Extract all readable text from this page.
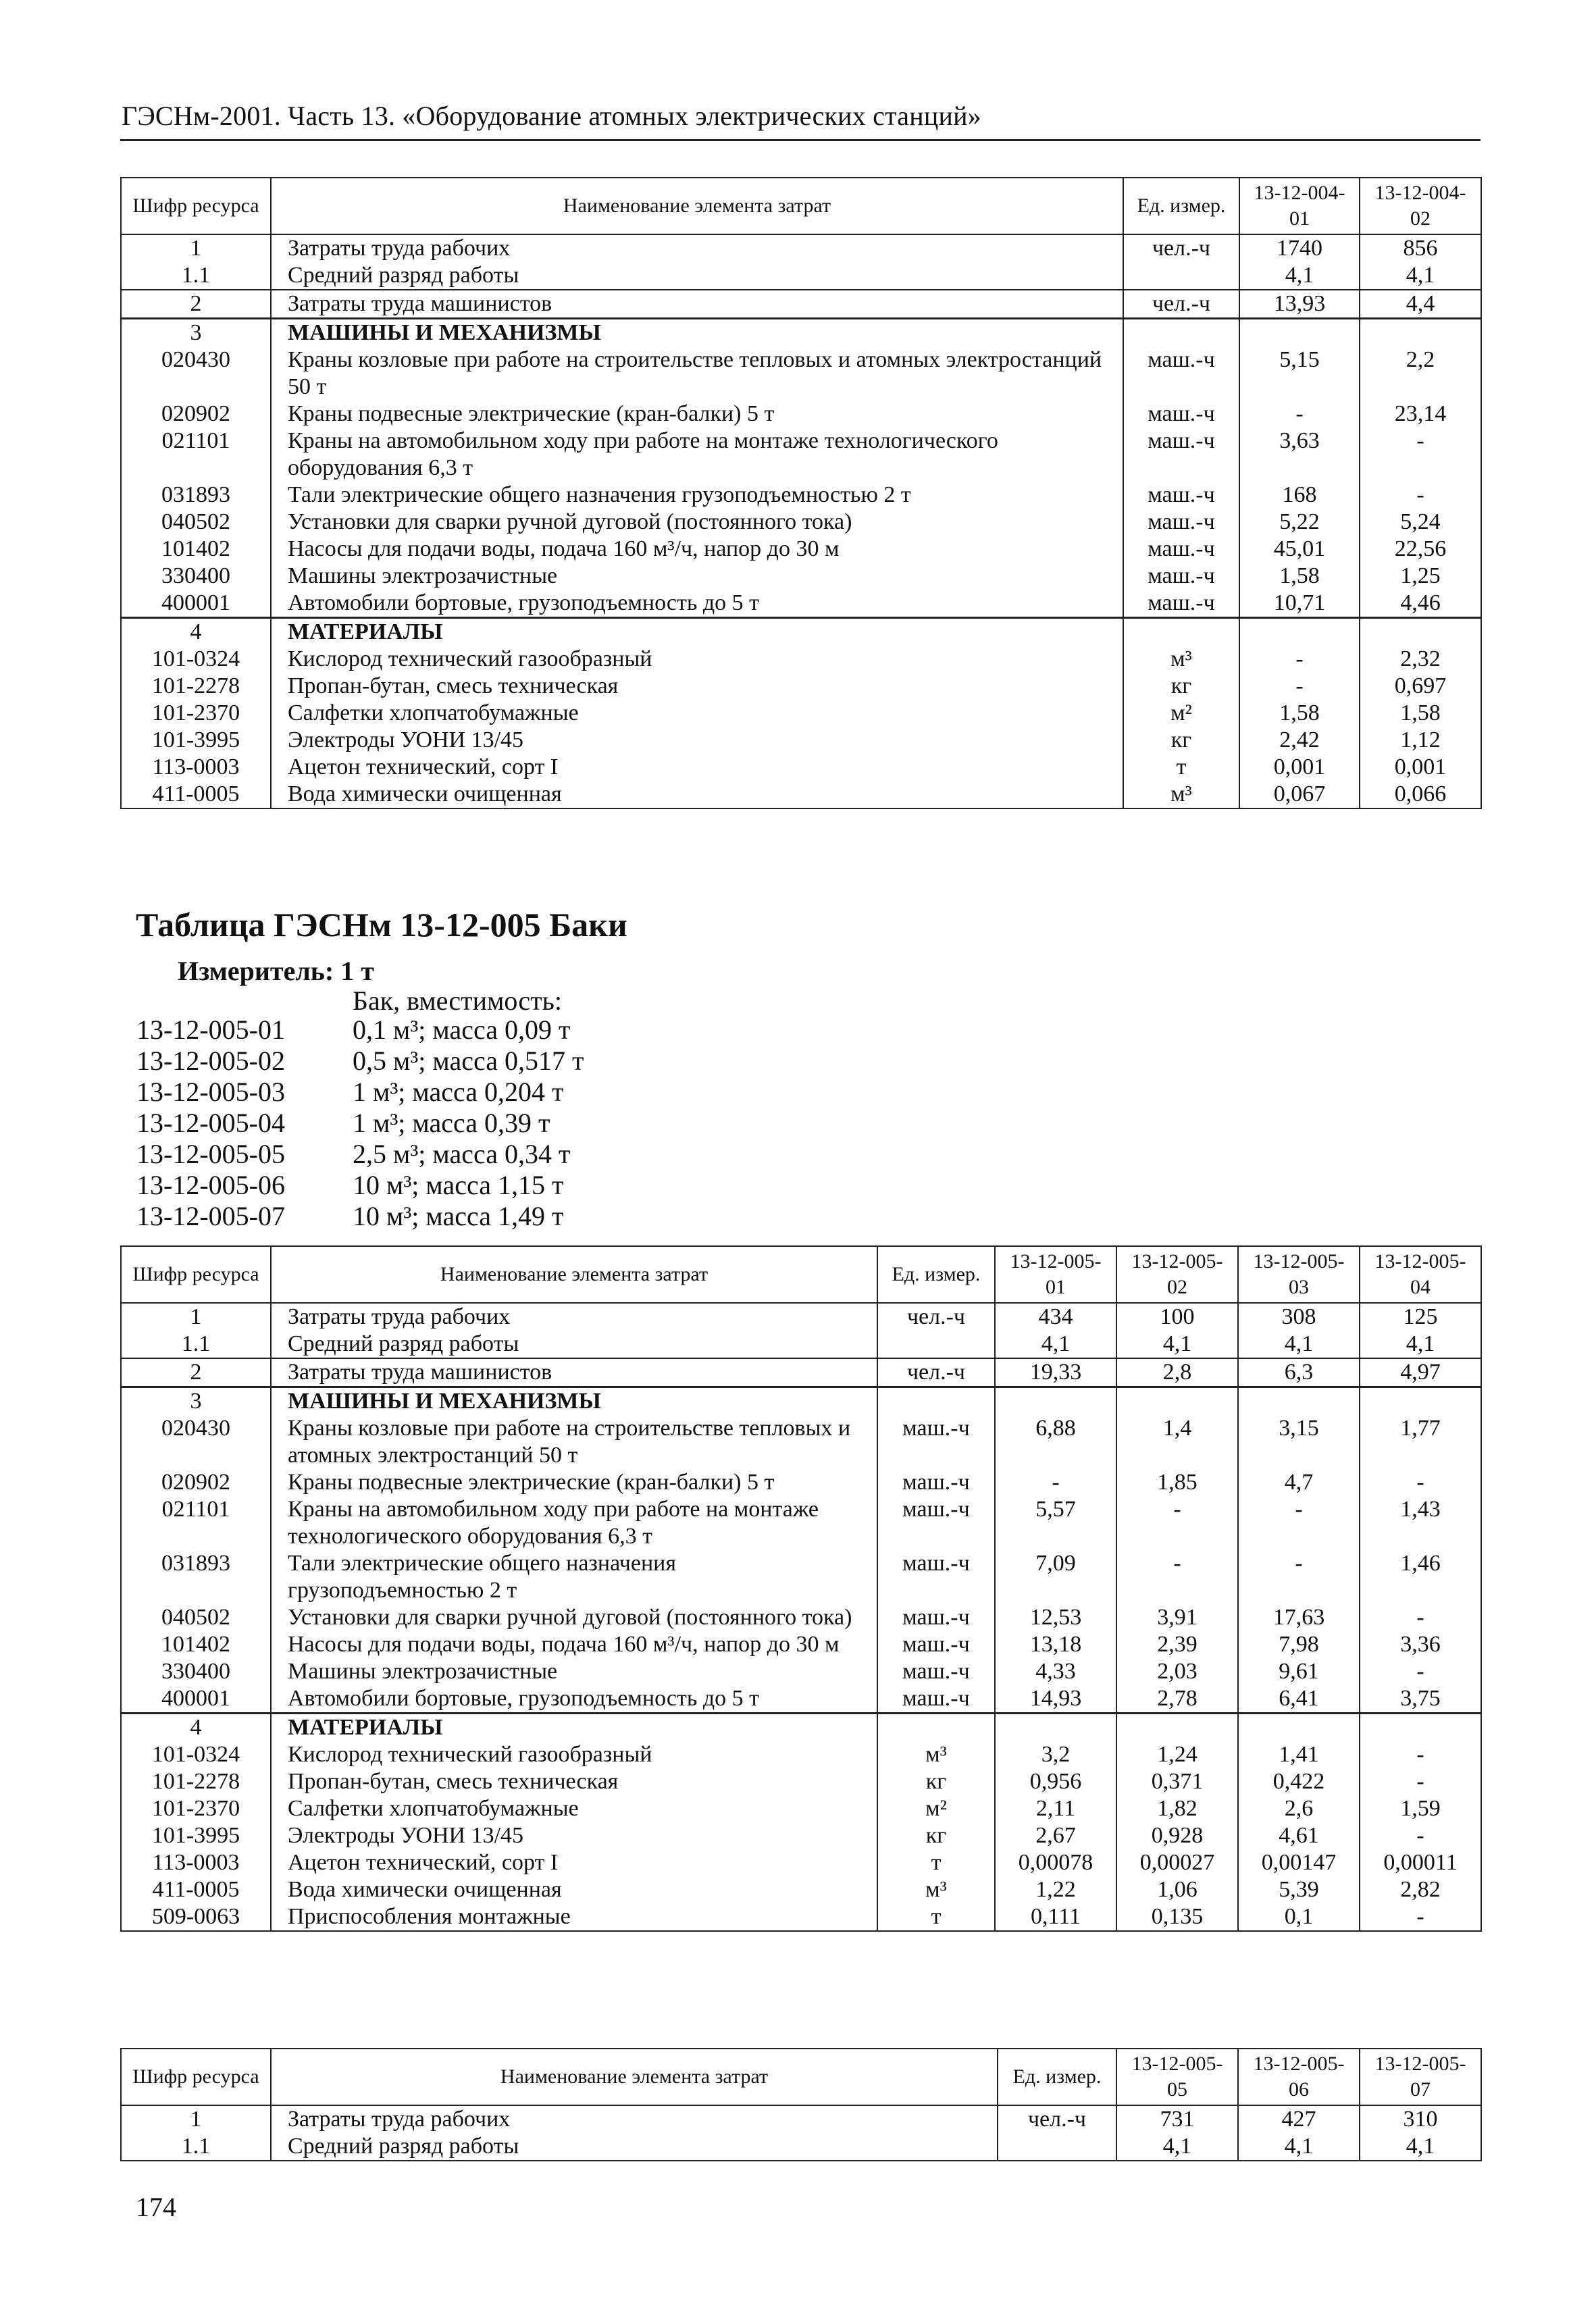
ГЭСНм-2001. Часть 13. «Оборудование атомных электрических станций»
Шифр ресурса	Наименование элемента затрат	Ед. измер.	13-12-004-01	13-12-004-02
1	Затраты труда рабочих	чел.-ч	1740	856
1.1	Средний разряд работы		4,1	4,1
2	Затраты труда машинистов	чел.-ч	13,93	4,4
3	МАШИНЫ И МЕХАНИЗМЫ			
020430	Краны козловые при работе на строительстве тепловых и атомных электростанций 50 т	маш.-ч	5,15	2,2
020902	Краны подвесные электрические (кран-балки) 5 т	маш.-ч	-	23,14
021101	Краны на автомобильном ходу при работе на монтаже технологического оборудования 6,3 т	маш.-ч	3,63	-
031893	Тали электрические общего назначения грузоподъемностью 2 т	маш.-ч	168	-
040502	Установки для сварки ручной дуговой (постоянного тока)	маш.-ч	5,22	5,24
101402	Насосы для подачи воды, подача 160 м³/ч, напор до 30 м	маш.-ч	45,01	22,56
330400	Машины электрозачистные	маш.-ч	1,58	1,25
400001	Автомобили бортовые, грузоподъемность до 5 т	маш.-ч	10,71	4,46
4	МАТЕРИАЛЫ			
101-0324	Кислород технический газообразный	м³	-	2,32
101-2278	Пропан-бутан, смесь техническая	кг	-	0,697
101-2370	Салфетки хлопчатобумажные	м²	1,58	1,58
101-3995	Электроды УОНИ 13/45	кг	2,42	1,12
113-0003	Ацетон технический, сорт I	т	0,001	0,001
411-0005	Вода химически очищенная	м³	0,067	0,066
Таблица ГЭСНм 13-12-005 Баки
Измеритель: 1 т
Бак, вместимость:
13-12-005-01	0,1 м³; масса 0,09 т
13-12-005-02	0,5 м³; масса 0,517 т
13-12-005-03	1 м³; масса 0,204 т
13-12-005-04	1 м³; масса 0,39 т
13-12-005-05	2,5 м³; масса 0,34 т
13-12-005-06	10 м³; масса 1,15 т
13-12-005-07	10 м³; масса 1,49 т
Шифр ресурса	Наименование элемента затрат	Ед. измер.	13-12-005-01	13-12-005-02	13-12-005-03	13-12-005-04
1	Затраты труда рабочих	чел.-ч	434	100	308	125
1.1	Средний разряд работы		4,1	4,1	4,1	4,1
2	Затраты труда машинистов	чел.-ч	19,33	2,8	6,3	4,97
3	МАШИНЫ И МЕХАНИЗМЫ					
020430	Краны козловые при работе на строительстве тепловых и атомных электростанций 50 т	маш.-ч	6,88	1,4	3,15	1,77
020902	Краны подвесные электрические (кран-балки) 5 т	маш.-ч	-	1,85	4,7	-
021101	Краны на автомобильном ходу при работе на монтаже технологического оборудования 6,3 т	маш.-ч	5,57	-	-	1,43
031893	Тали электрические общего назначения грузоподъемностью 2 т	маш.-ч	7,09	-	-	1,46
040502	Установки для сварки ручной дуговой (постоянного тока)	маш.-ч	12,53	3,91	17,63	-
101402	Насосы для подачи воды, подача 160 м³/ч, напор до 30 м	маш.-ч	13,18	2,39	7,98	3,36
330400	Машины электрозачистные	маш.-ч	4,33	2,03	9,61	-
400001	Автомобили бортовые, грузоподъемность до 5 т	маш.-ч	14,93	2,78	6,41	3,75
4	МАТЕРИАЛЫ					
101-0324	Кислород технический газообразный	м³	3,2	1,24	1,41	-
101-2278	Пропан-бутан, смесь техническая	кг	0,956	0,371	0,422	-
101-2370	Салфетки хлопчатобумажные	м²	2,11	1,82	2,6	1,59
101-3995	Электроды УОНИ 13/45	кг	2,67	0,928	4,61	-
113-0003	Ацетон технический, сорт I	т	0,00078	0,00027	0,00147	0,00011
411-0005	Вода химически очищенная	м³	1,22	1,06	5,39	2,82
509-0063	Приспособления монтажные	т	0,111	0,135	0,1	-
Шифр ресурса	Наименование элемента затрат	Ед. измер.	13-12-005-05	13-12-005-06	13-12-005-07
1	Затраты труда рабочих	чел.-ч	731	427	310
1.1	Средний разряд работы		4,1	4,1	4,1
174
